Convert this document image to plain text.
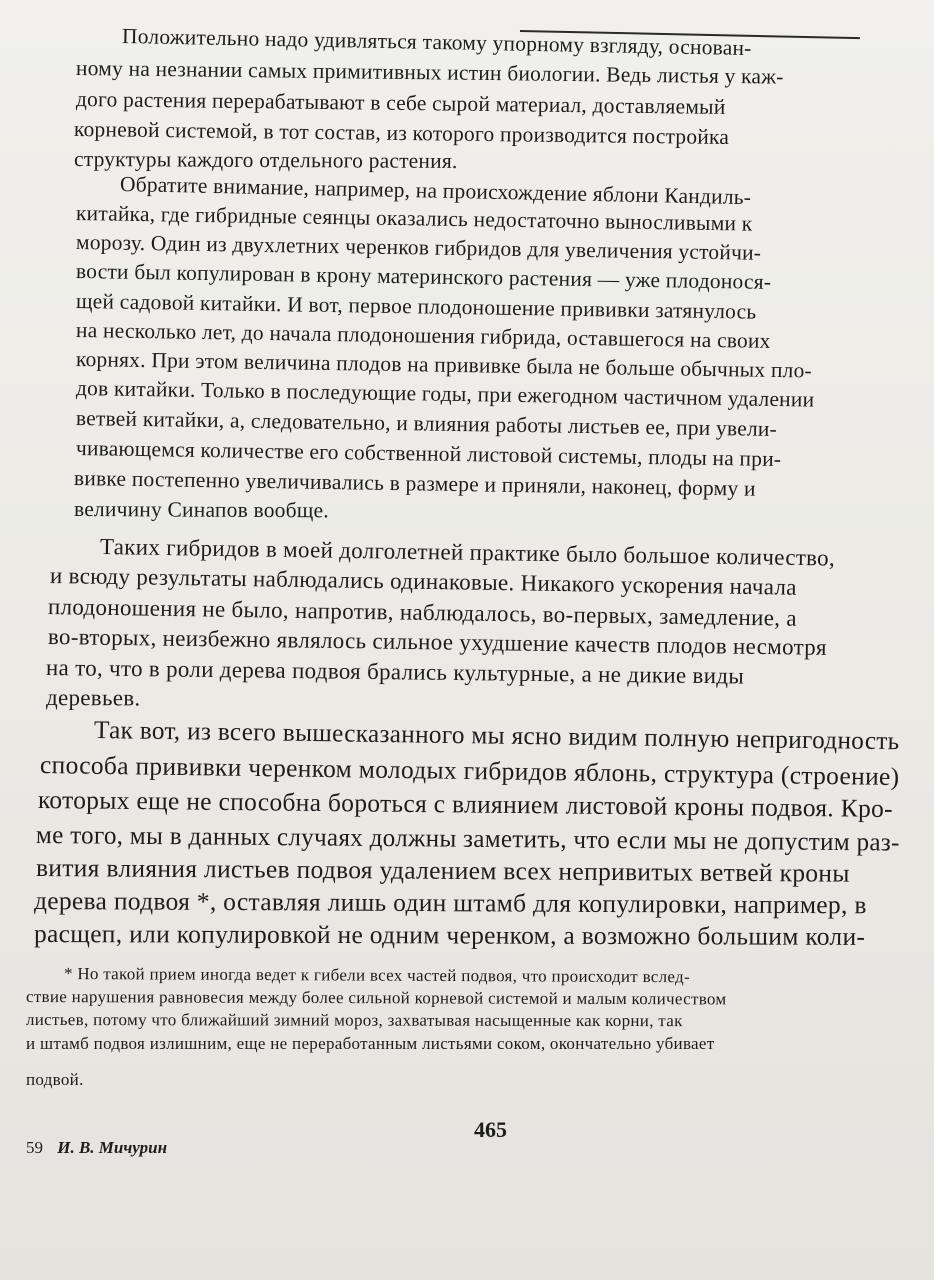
Положительно надо удивляться такому упорному взгляду, основан-
ному на незнании самых примитивных истин биологии. Ведь листья у каж-
дого растения перерабатывают в себе сырой материал, доставляемый
корневой системой, в тот состав, из которого производится постройка
структуры каждого отдельного растения.
Обратите внимание, например, на происхождение яблони Кандиль-
китайка, где гибридные сеянцы оказались недостаточно выносливыми к
морозу. Один из двухлетних черенков гибридов для увеличения устойчи-
вости был копулирован в крону материнского растения — уже плодонося-
щей садовой китайки. И вот, первое плодоношение прививки затянулось
на несколько лет, до начала плодоношения гибрида, оставшегося на своих
корнях. При этом величина плодов на прививке была не больше обычных пло-
дов китайки. Только в последующие годы, при ежегодном частичном удалении
ветвей китайки, а, следовательно, и влияния работы листьев ее, при увели-
чивающемся количестве его собственной листовой системы, плоды на при-
вивке постепенно увеличивались в размере и приняли, наконец, форму и
величину Синапов вообще.
Таких гибридов в моей долголетней практике было большое количество,
и всюду результаты наблюдались одинаковые. Никакого ускорения начала
плодоношения не было, напротив, наблюдалось, во-первых, замедление, а
во-вторых, неизбежно являлось сильное ухудшение качеств плодов несмотря
на то, что в роли дерева подвоя брались культурные, а не дикие виды
деревьев.
Так вот, из всего вышесказанного мы ясно видим полную непригодность
способа прививки черенком молодых гибридов яблонь, структура (строение)
которых еще не способна бороться с влиянием листовой кроны подвоя. Кро-
ме того, мы в данных случаях должны заметить, что если мы не допустим раз-
вития влияния листьев подвоя удалением всех непривитых ветвей кроны
дерева подвоя *, оставляя лишь один штамб для копулировки, например, в
расщеп, или копулировкой не одним черенком, а возможно большим коли-
* Но такой прием иногда ведет к гибели всех частей подвоя, что происходит вслед-
ствие нарушения равновесия между более сильной корневой системой и малым количеством
листьев, потому что ближайший зимний мороз, захватывая насыщенные как корни, так
и штамб подвоя излишним, еще не переработанным листьями соком, окончательно убивает
подвой.
465
59 И. В. Мичурин
